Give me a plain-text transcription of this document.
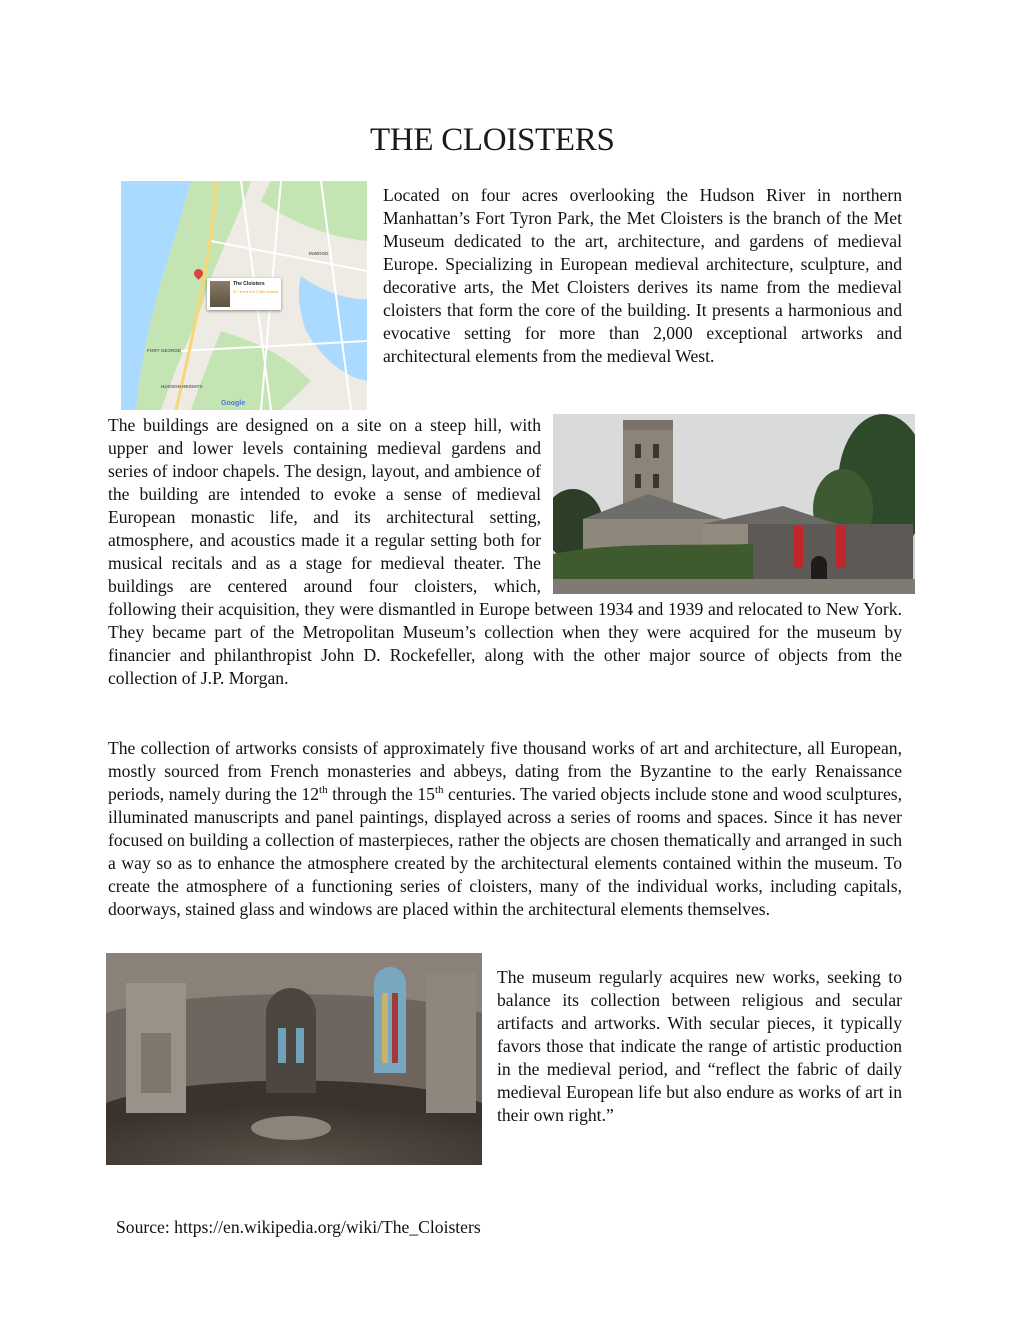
THE CLOISTERS
INWOOD
FORT GEORGE
HUDSON HEIGHTS
The Cloisters
4.7 ★★★★★ 2,460 reviews
Google

Located on four acres overlooking the Hudson River in northern Manhattan’s Fort Tyron Park, the Met Cloisters is the branch of the Met Museum dedicated to the art, architecture, and gardens of medieval Europe. Specializing in European medieval architecture, sculpture, and decorative arts, the Met Cloisters derives its name from the medieval cloisters that form the core of the building. It presents a harmonious and evocative setting for more than 2,000 exceptional artworks and architectural elements from the medieval West.

The buildings are designed on a site on a steep hill, with upper and lower levels containing medieval gardens and series of indoor chapels. The design, layout, and ambience of the building are intended to evoke a sense of medieval European monastic life, and its architectural setting, atmosphere, and acoustics made it a regular setting both for musical recitals and as a stage for medieval theater. The buildings are centered around four cloisters, which, following their acquisition, they were dismantled in Europe between 1934 and 1939 and relocated to New York. They became part of the Metropolitan Museum’s collection when they were acquired for the museum by financier and philanthropist John D. Rockefeller, along with the other major source of objects from the collection of J.P. Morgan.

The collection of artworks consists of approximately five thousand works of art and architecture, all European, mostly sourced from French monasteries and abbeys, dating from the Byzantine to the early Renaissance periods, namely during the 12th through the 15th centuries. The varied objects include stone and wood sculptures, illuminated manuscripts and panel paintings, displayed across a series of rooms and spaces. Since it has never focused on building a collection of masterpieces, rather the objects are chosen thematically and arranged in such a way so as to enhance the atmosphere created by the architectural elements contained within the museum. To create the atmosphere of a functioning series of cloisters, many of the individual works, including capitals, doorways, stained glass and windows are placed within the architectural elements themselves.

The museum regularly acquires new works, seeking to balance its collection between religious and secular artifacts and artworks. With secular pieces, it typically favors those that indicate the range of artistic production in the medieval period, and “reflect the fabric of daily medieval European life but also endure as works of art in their own right.”

Source: https://en.wikipedia.org/wiki/The_Cloisters
